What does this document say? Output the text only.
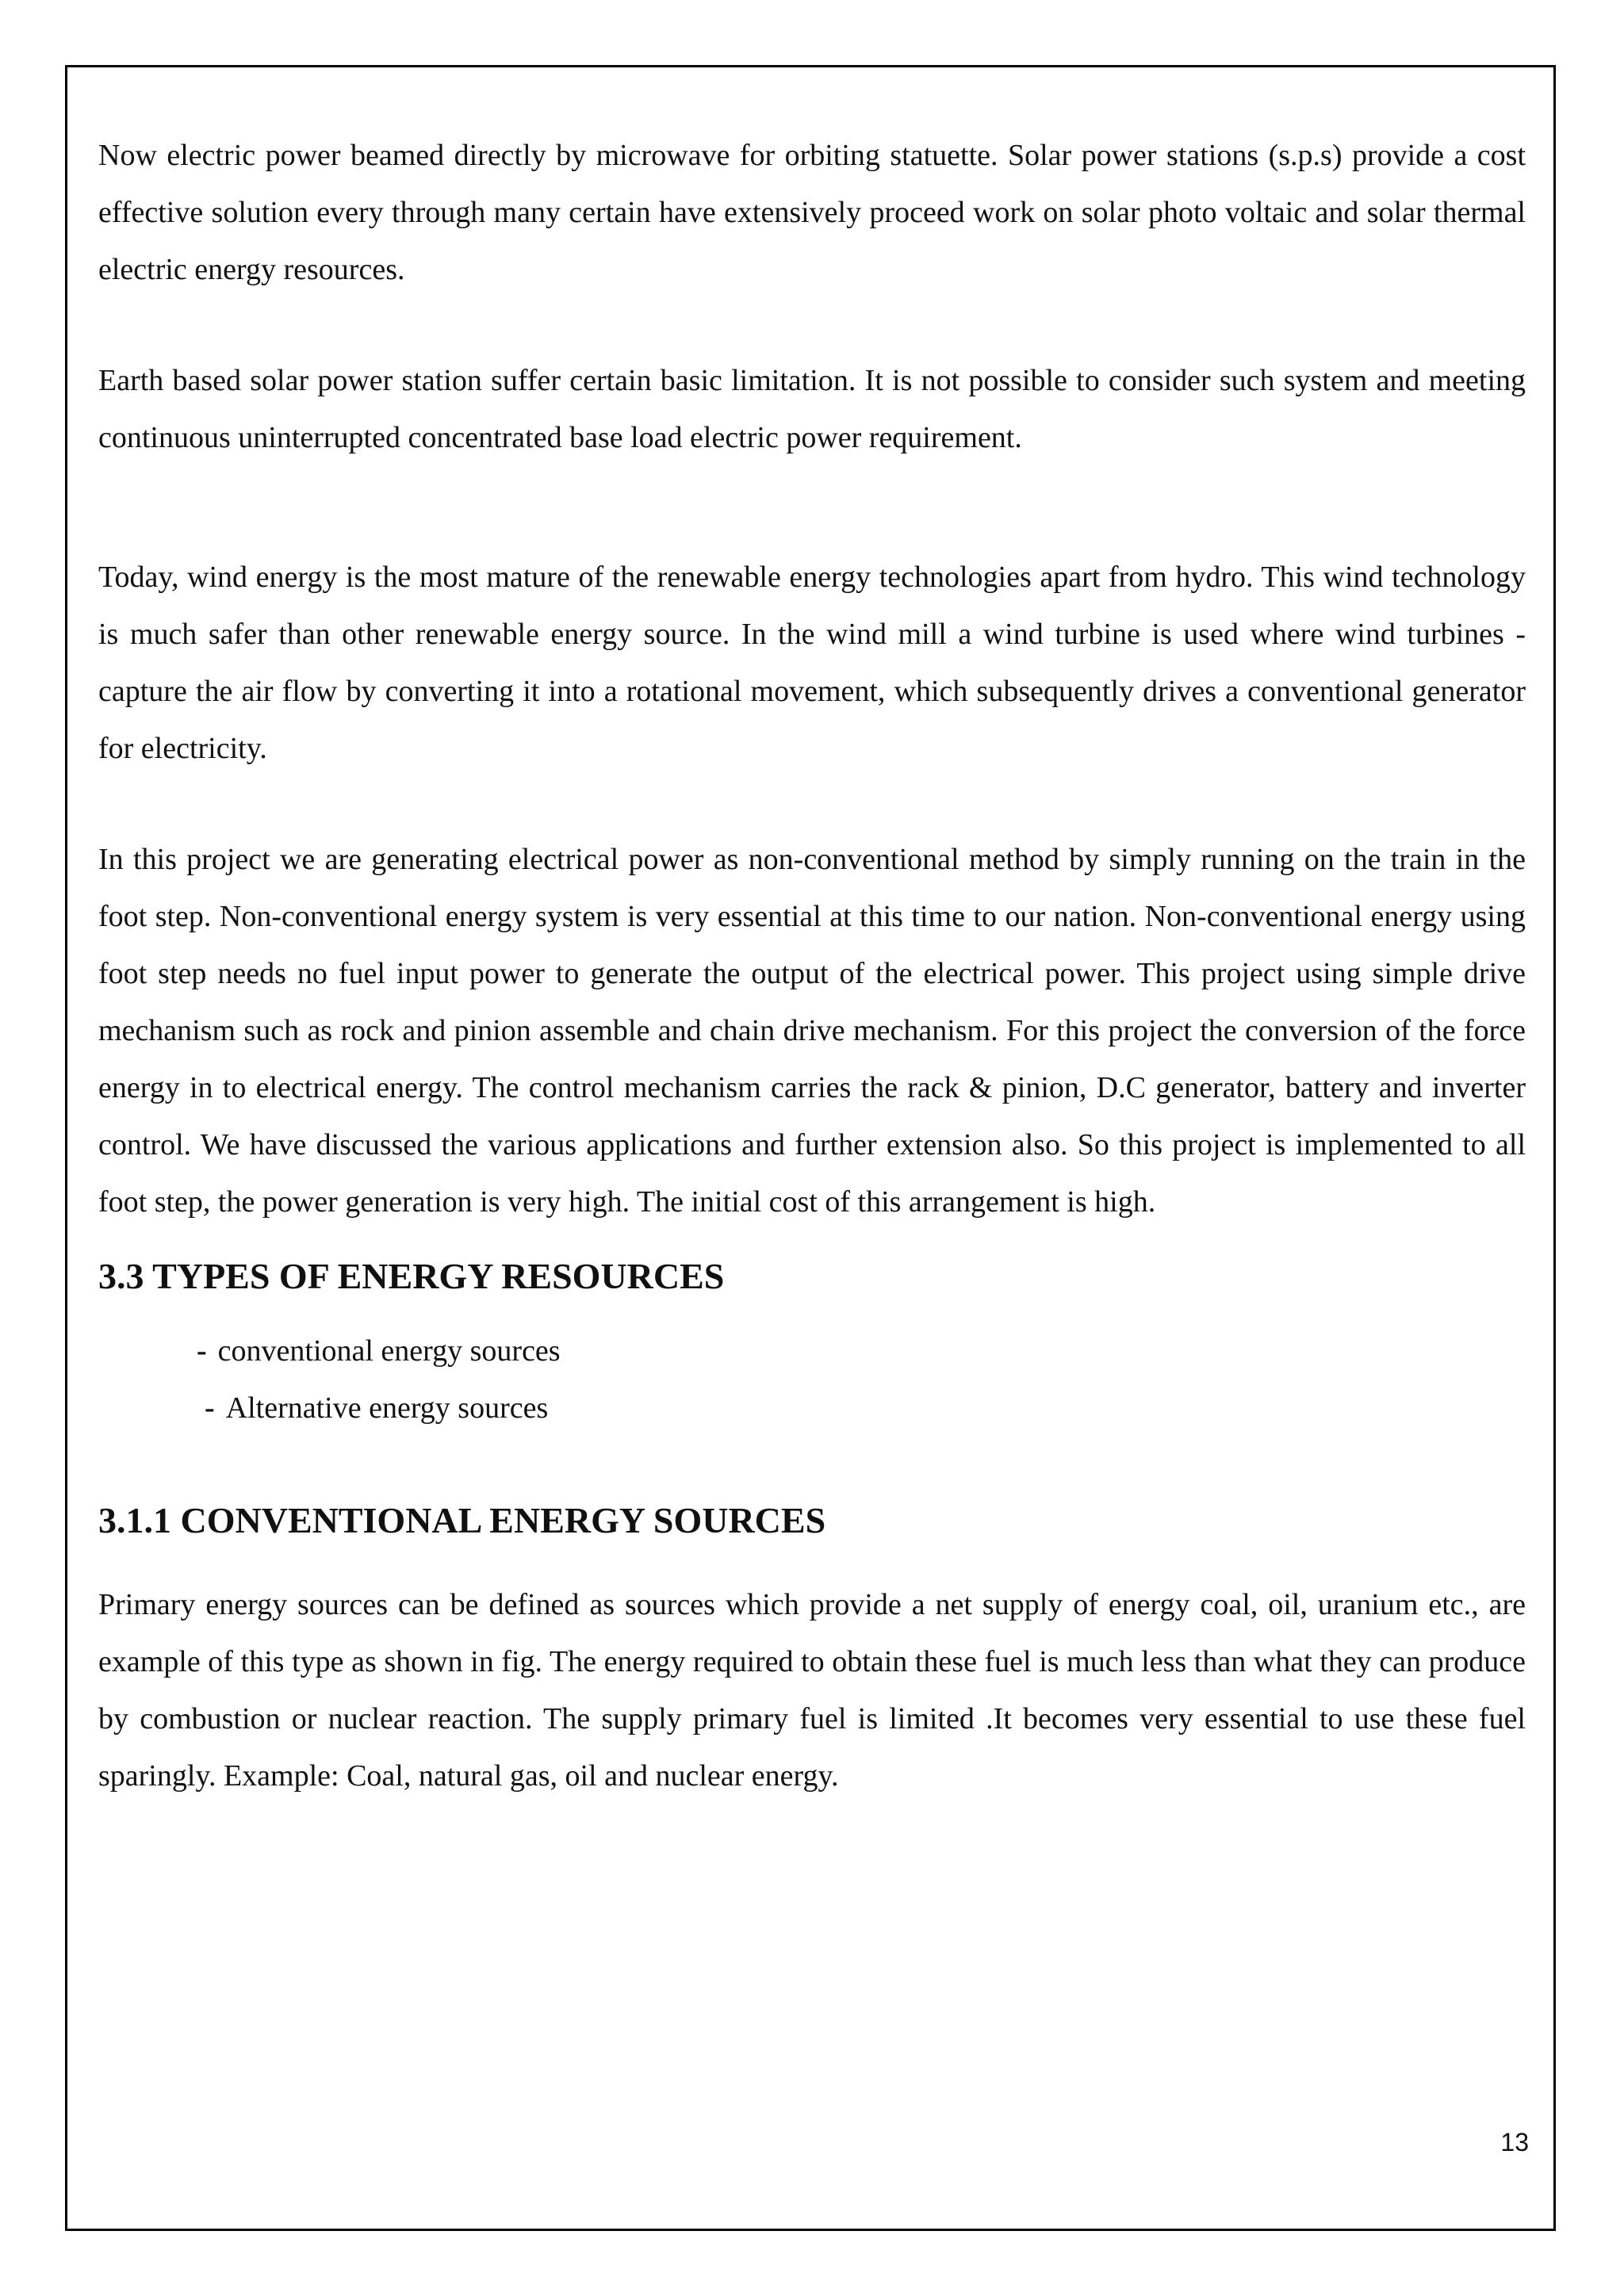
Now electric power beamed directly by microwave for orbiting statuette. Solar power stations (s.p.s) provide a cost effective solution every through many certain have extensively proceed work on solar photo voltaic and solar thermal electric energy resources.

Earth based solar power station suffer certain basic limitation. It is not possible to consider such system and meeting continuous uninterrupted concentrated base load electric power requirement.

Today, wind energy is the most mature of the renewable energy technologies apart from hydro. This wind technology is much safer than other renewable energy source. In the wind mill a wind turbine is used where wind turbines - capture the air flow by converting it into a rotational movement, which subsequently drives a conventional generator for electricity.

In this project we are generating electrical power as non-conventional method by simply running on the train in the foot step. Non-conventional energy system is very essential at this time to our nation. Non-conventional energy using foot step needs no fuel input power to generate the output of the electrical power. This project using simple drive mechanism such as rock and pinion assemble and chain drive mechanism. For this project the conversion of the force energy in to electrical energy. The control mechanism carries the rack & pinion, D.C generator, battery and inverter control. We have discussed the various applications and further extension also. So this project is implemented to all foot step, the power generation is very high. The initial cost of this arrangement is high.

3.3 TYPES OF ENERGY RESOURCES
- conventional energy sources
- Alternative energy sources
3.1.1 CONVENTIONAL ENERGY SOURCES

Primary energy sources can be defined as sources which provide a net supply of energy coal, oil, uranium etc., are example of this type as shown in fig. The energy required to obtain these fuel is much less than what they can produce by combustion or nuclear reaction. The supply primary fuel is limited .It becomes very essential to use these fuel sparingly. Example: Coal, natural gas, oil and nuclear energy.

13
